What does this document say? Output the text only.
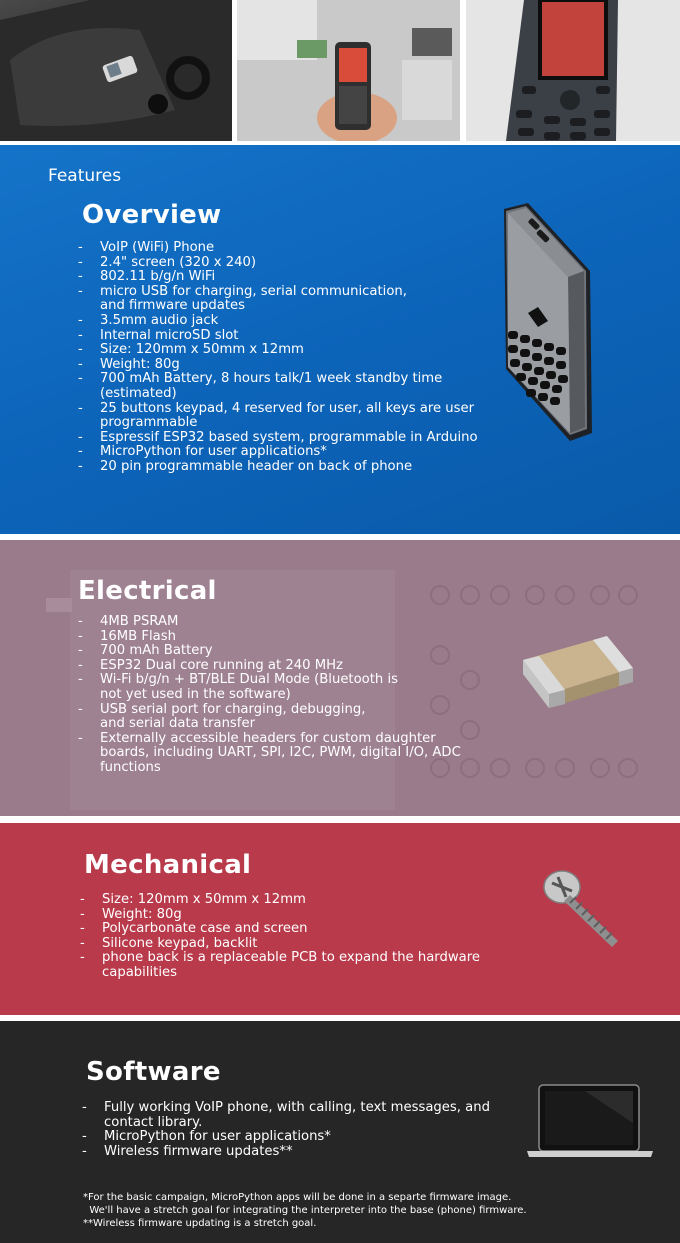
Features
Overview
- VoIP (WiFi) Phone
- 2.4" screen (320 x 240)
- 802.11 b/g/n WiFi
- micro USB for charging, serial communication, and firmware updates
- 3.5mm audio jack
- Internal microSD slot
- Size: 120mm x 50mm x 12mm
- Weight: 80g
- 700 mAh Battery, 8 hours talk/1 week standby time (estimated)
- 25 buttons keypad, 4 reserved for user, all keys are user programmable
- Espressif ESP32 based system, programmable in Arduino
- MicroPython for user applications*
- 20 pin programmable header on back of phone
Electrical
- 4MB PSRAM
- 16MB Flash
- 700 mAh Battery
- ESP32 Dual core running at 240 MHz
- Wi-Fi b/g/n + BT/BLE Dual Mode (Bluetooth is not yet used in the software)
- USB serial port for charging, debugging, and serial data transfer
- Externally accessible headers for custom daughter boards, including UART, SPI, I2C, PWM, digital I/O, ADC functions
Mechanical
- Size: 120mm x 50mm x 12mm
- Weight: 80g
- Polycarbonate case and screen
- Silicone keypad, backlit
- phone back is a replaceable PCB to expand the hardware capabilities
Software
- Fully working VoIP phone, with calling, text messages, and contact library.
- MicroPython for user applications*
- Wireless firmware updates**
*For the basic campaign, MicroPython apps will be done in a separte firmware image.
We'll have a stretch goal for integrating the interpreter into the base (phone) firmware.
**Wireless firmware updating is a stretch goal.
